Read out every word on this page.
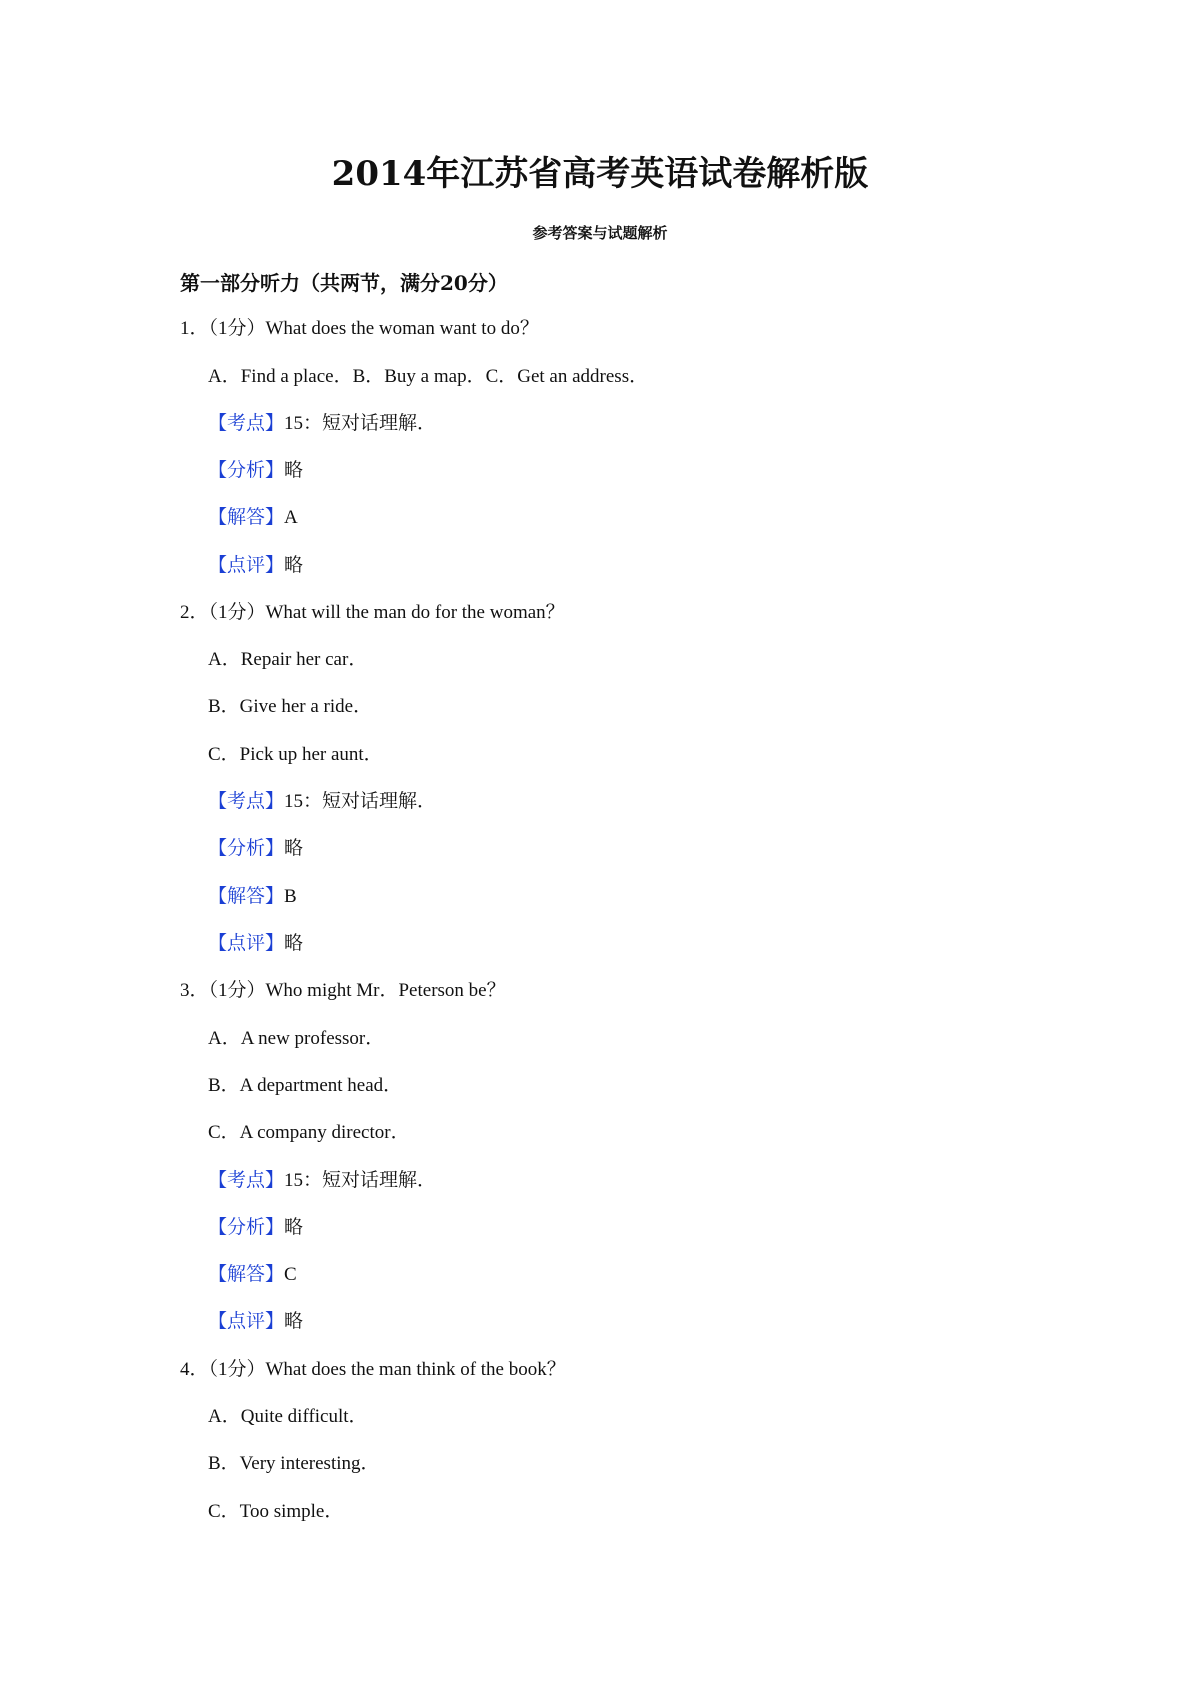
2014年江苏省高考英语试卷解析版
参考答案与试题解析
第一部分听力（共两节，满分20分）
1．（1分）What does the woman want to do？
A．Find a place．B．Buy a map．C．Get an address．
【考点】15：短对话理解．
【分析】略
【解答】A
【点评】略
2．（1分）What will the man do for the woman？
A．Repair her car．
B．Give her a ride．
C．Pick up her aunt．
【考点】15：短对话理解．
【分析】略
【解答】B
【点评】略
3．（1分）Who might Mr．Peterson be？
A．A new professor．
B．A department head．
C．A company director．
【考点】15：短对话理解．
【分析】略
【解答】C
【点评】略
4．（1分）What does the man think of the book？
A．Quite difficult．
B．Very interesting．
C．Too simple．
